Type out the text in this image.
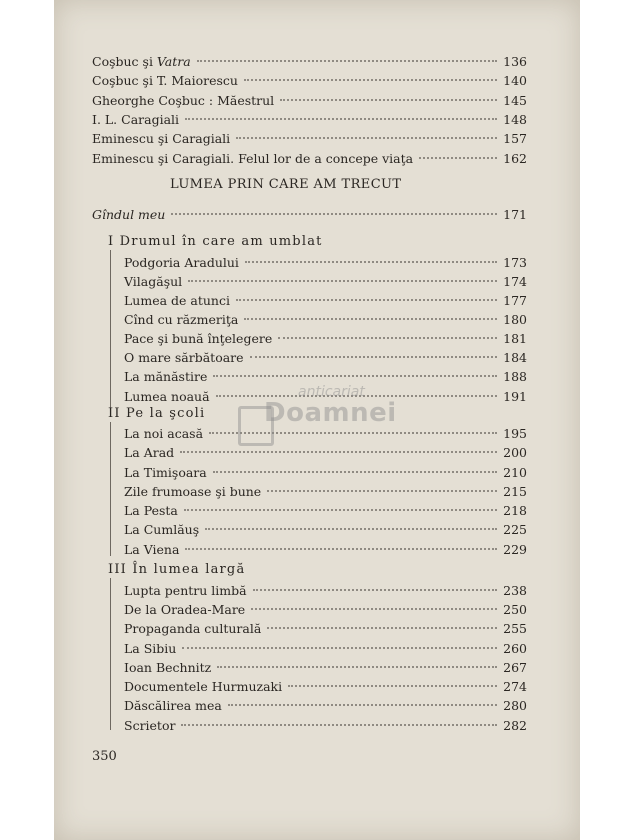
Coşbuc şi Vatra	136
Coşbuc şi T. Maiorescu	140
Gheorghe Coşbuc : Măestrul	145
I. L. Caragiali	148
Eminescu şi Caragiali	157
Eminescu şi Caragiali. Felul lor de a concepe viaţa	162
LUMEA PRIN CARE AM TRECUT
Gîndul meu	171
I Drumul în care am umblat
Podgoria Aradului	173
Vilagăşul	174
Lumea de atunci	177
Cînd cu răzmeriţa	180
Pace şi bună înţelegere	181
O mare sărbătoare	184
La mănăstire	188
Lumea noauă	191
II Pe la şcoli
La noi acasă	195
La Arad	200
La Timişoara	210
Zile frumoase şi bune	215
La Pesta	218
La Cumlăuş	225
La Viena	229
III În lumea largă
Lupta pentru limbă	238
De la Oradea-Mare	250
Propaganda culturală	255
La Sibiu	260
Ioan Bechnitz	267
Documentele Hurmuzaki	274
Dăscălirea mea	280
Scrietor	282
350
anticariat
Doamnei
